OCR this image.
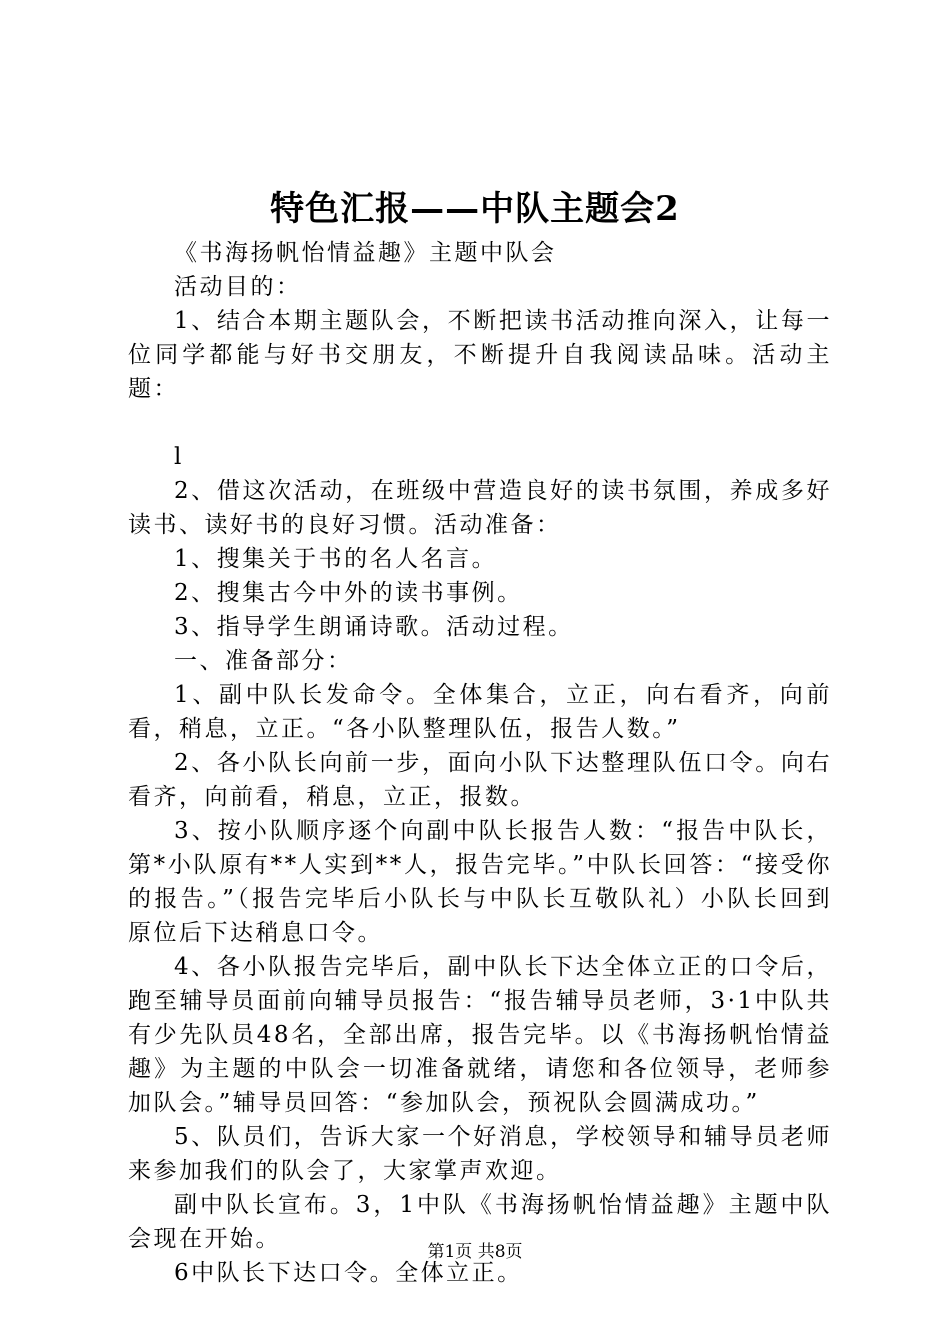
特色汇报——中队主题会2

《书海扬帆怡情益趣》主题中队会

活动目的：

1、结合本期主题队会，不断把读书活动推向深入，让每一位同学都能与好书交朋友，不断提升自我阅读品味。活动主题：

l

2、借这次活动，在班级中营造良好的读书氛围，养成多好读书、读好书的良好习惯。活动准备：

1、搜集关于书的名人名言。

2、搜集古今中外的读书事例。

3、指导学生朗诵诗歌。活动过程。

一、准备部分：

1、副中队长发命令。全体集合，立正，向右看齐，向前看，稍息，立正。“各小队整理队伍，报告人数。”

2、各小队长向前一步，面向小队下达整理队伍口令。向右看齐，向前看，稍息，立正，报数。

3、按小队顺序逐个向副中队长报告人数：“报告中队长，第*小队原有**人实到**人，报告完毕。”中队长回答：“接受你的报告。”（报告完毕后小队长与中队长互敬队礼）小队长回到原位后下达稍息口令。

4、各小队报告完毕后，副中队长下达全体立正的口令后，跑至辅导员面前向辅导员报告：“报告辅导员老师，3·1中队共有少先队员48名，全部出席，报告完毕。以《书海扬帆怡情益趣》为主题的中队会一切准备就绪，请您和各位领导，老师参加队会。”辅导员回答：“参加队会，预祝队会圆满成功。”

5、队员们，告诉大家一个好消息，学校领导和辅导员老师来参加我们的队会了，大家掌声欢迎。

副中队长宣布。3，1中队《书海扬帆怡情益趣》主题中队会现在开始。

6中队长下达口令。全体立正。

第1页 共8页
